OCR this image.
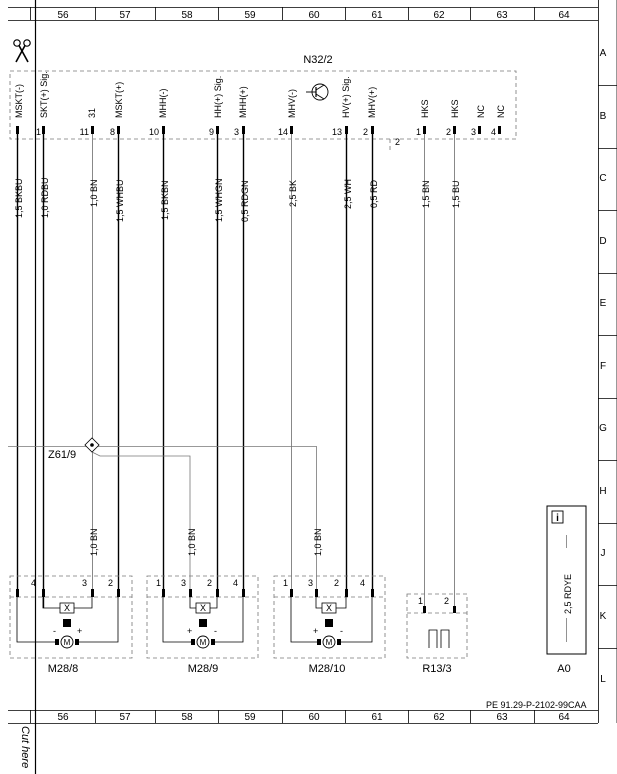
56	57	58	59	60	61	62	63	64
56	57	58	59	60	61	62	63	64
A
B
C
D
E
F
G
H
J
K
L
N32/2
MSKT(-) SKT(+) Sig.	31 MSKT(+)	MHH(-)	HH(+) Sig. MHH(+)	MHV(-)	HV(+) Sig. MHV(+)	HKS HKS NC NC
1	11 8	10	9 3	14	13 2	1	2 3 4
2
Z61/9
1,5 BKBU 1,0 RDBU	1,0 BN 1,5 WHBU	1,5 BKBN	1,5 WHGN 0,5 RDGN	2,5 BK	2,5 WH 0,5 RD	1,5 BN 1,5 BU
1,0 BN	1,0 BN	1,0 BN
4	3 2
X
- +
M
M28/8
1 3 2 4
X
+ -
M
M28/9
1 3 2 4
X
+ -
M
M28/10
1 2
R13/3
i
2,5 RDYE
A0
PE 91.29-P-2102-99CAA
Cut here
